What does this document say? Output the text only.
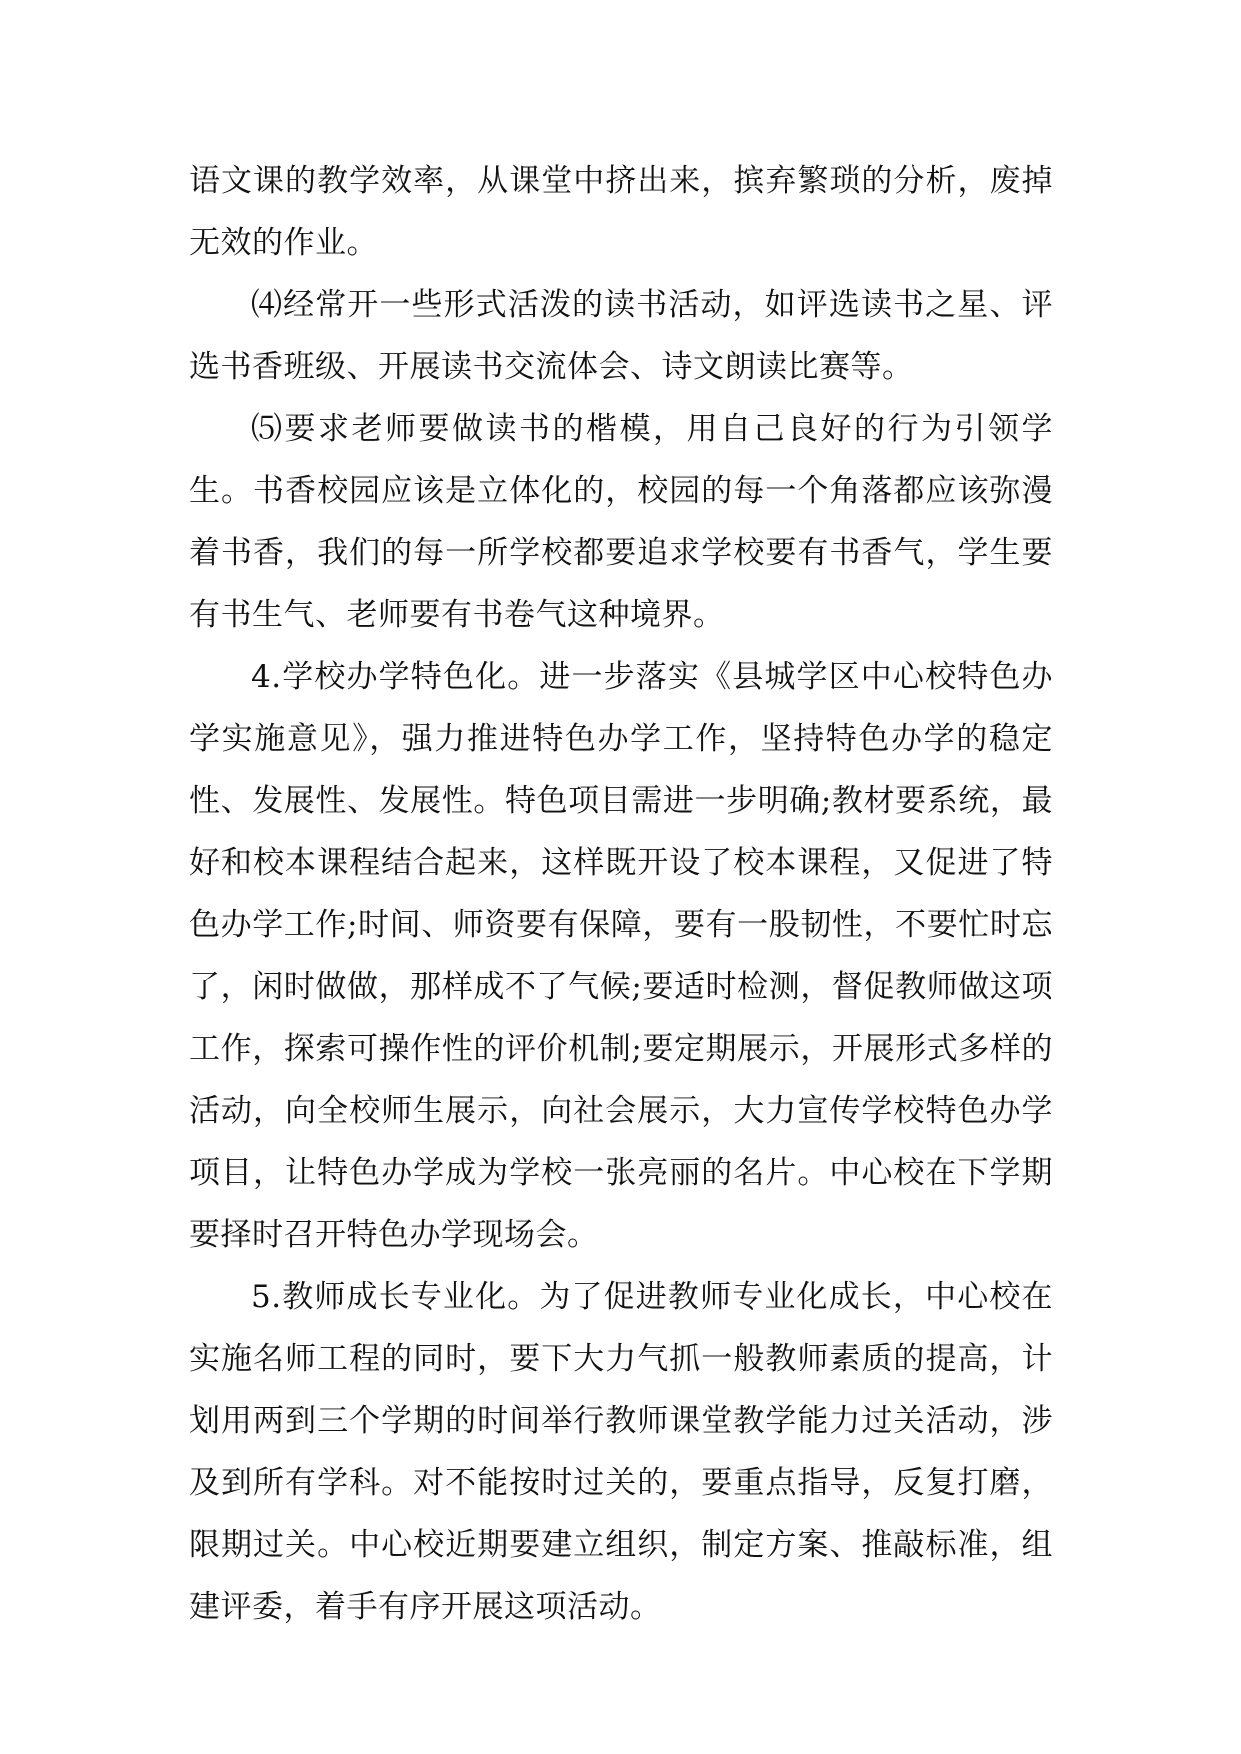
语文课的教学效率，从课堂中挤出来，摈弃繁琐的分析，废掉无效的作业。

⑷经常开一些形式活泼的读书活动，如评选读书之星、评选书香班级、开展读书交流体会、诗文朗读比赛等。

⑸要求老师要做读书的楷模，用自己良好的行为引领学生。书香校园应该是立体化的，校园的每一个角落都应该弥漫着书香，我们的每一所学校都要追求学校要有书香气，学生要有书生气、老师要有书卷气这种境界。

4.学校办学特色化。进一步落实《县城学区中心校特色办学实施意见》，强力推进特色办学工作，坚持特色办学的稳定性、发展性、发展性。特色项目需进一步明确;教材要系统，最好和校本课程结合起来，这样既开设了校本课程，又促进了特色办学工作;时间、师资要有保障，要有一股韧性，不要忙时忘了，闲时做做，那样成不了气候;要适时检测，督促教师做这项工作，探索可操作性的评价机制;要定期展示，开展形式多样的活动，向全校师生展示，向社会展示，大力宣传学校特色办学项目，让特色办学成为学校一张亮丽的名片。中心校在下学期要择时召开特色办学现场会。

5.教师成长专业化。为了促进教师专业化成长，中心校在实施名师工程的同时，要下大力气抓一般教师素质的提高，计划用两到三个学期的时间举行教师课堂教学能力过关活动，涉及到所有学科。对不能按时过关的，要重点指导，反复打磨，限期过关。中心校近期要建立组织，制定方案、推敲标准，组建评委，着手有序开展这项活动。
